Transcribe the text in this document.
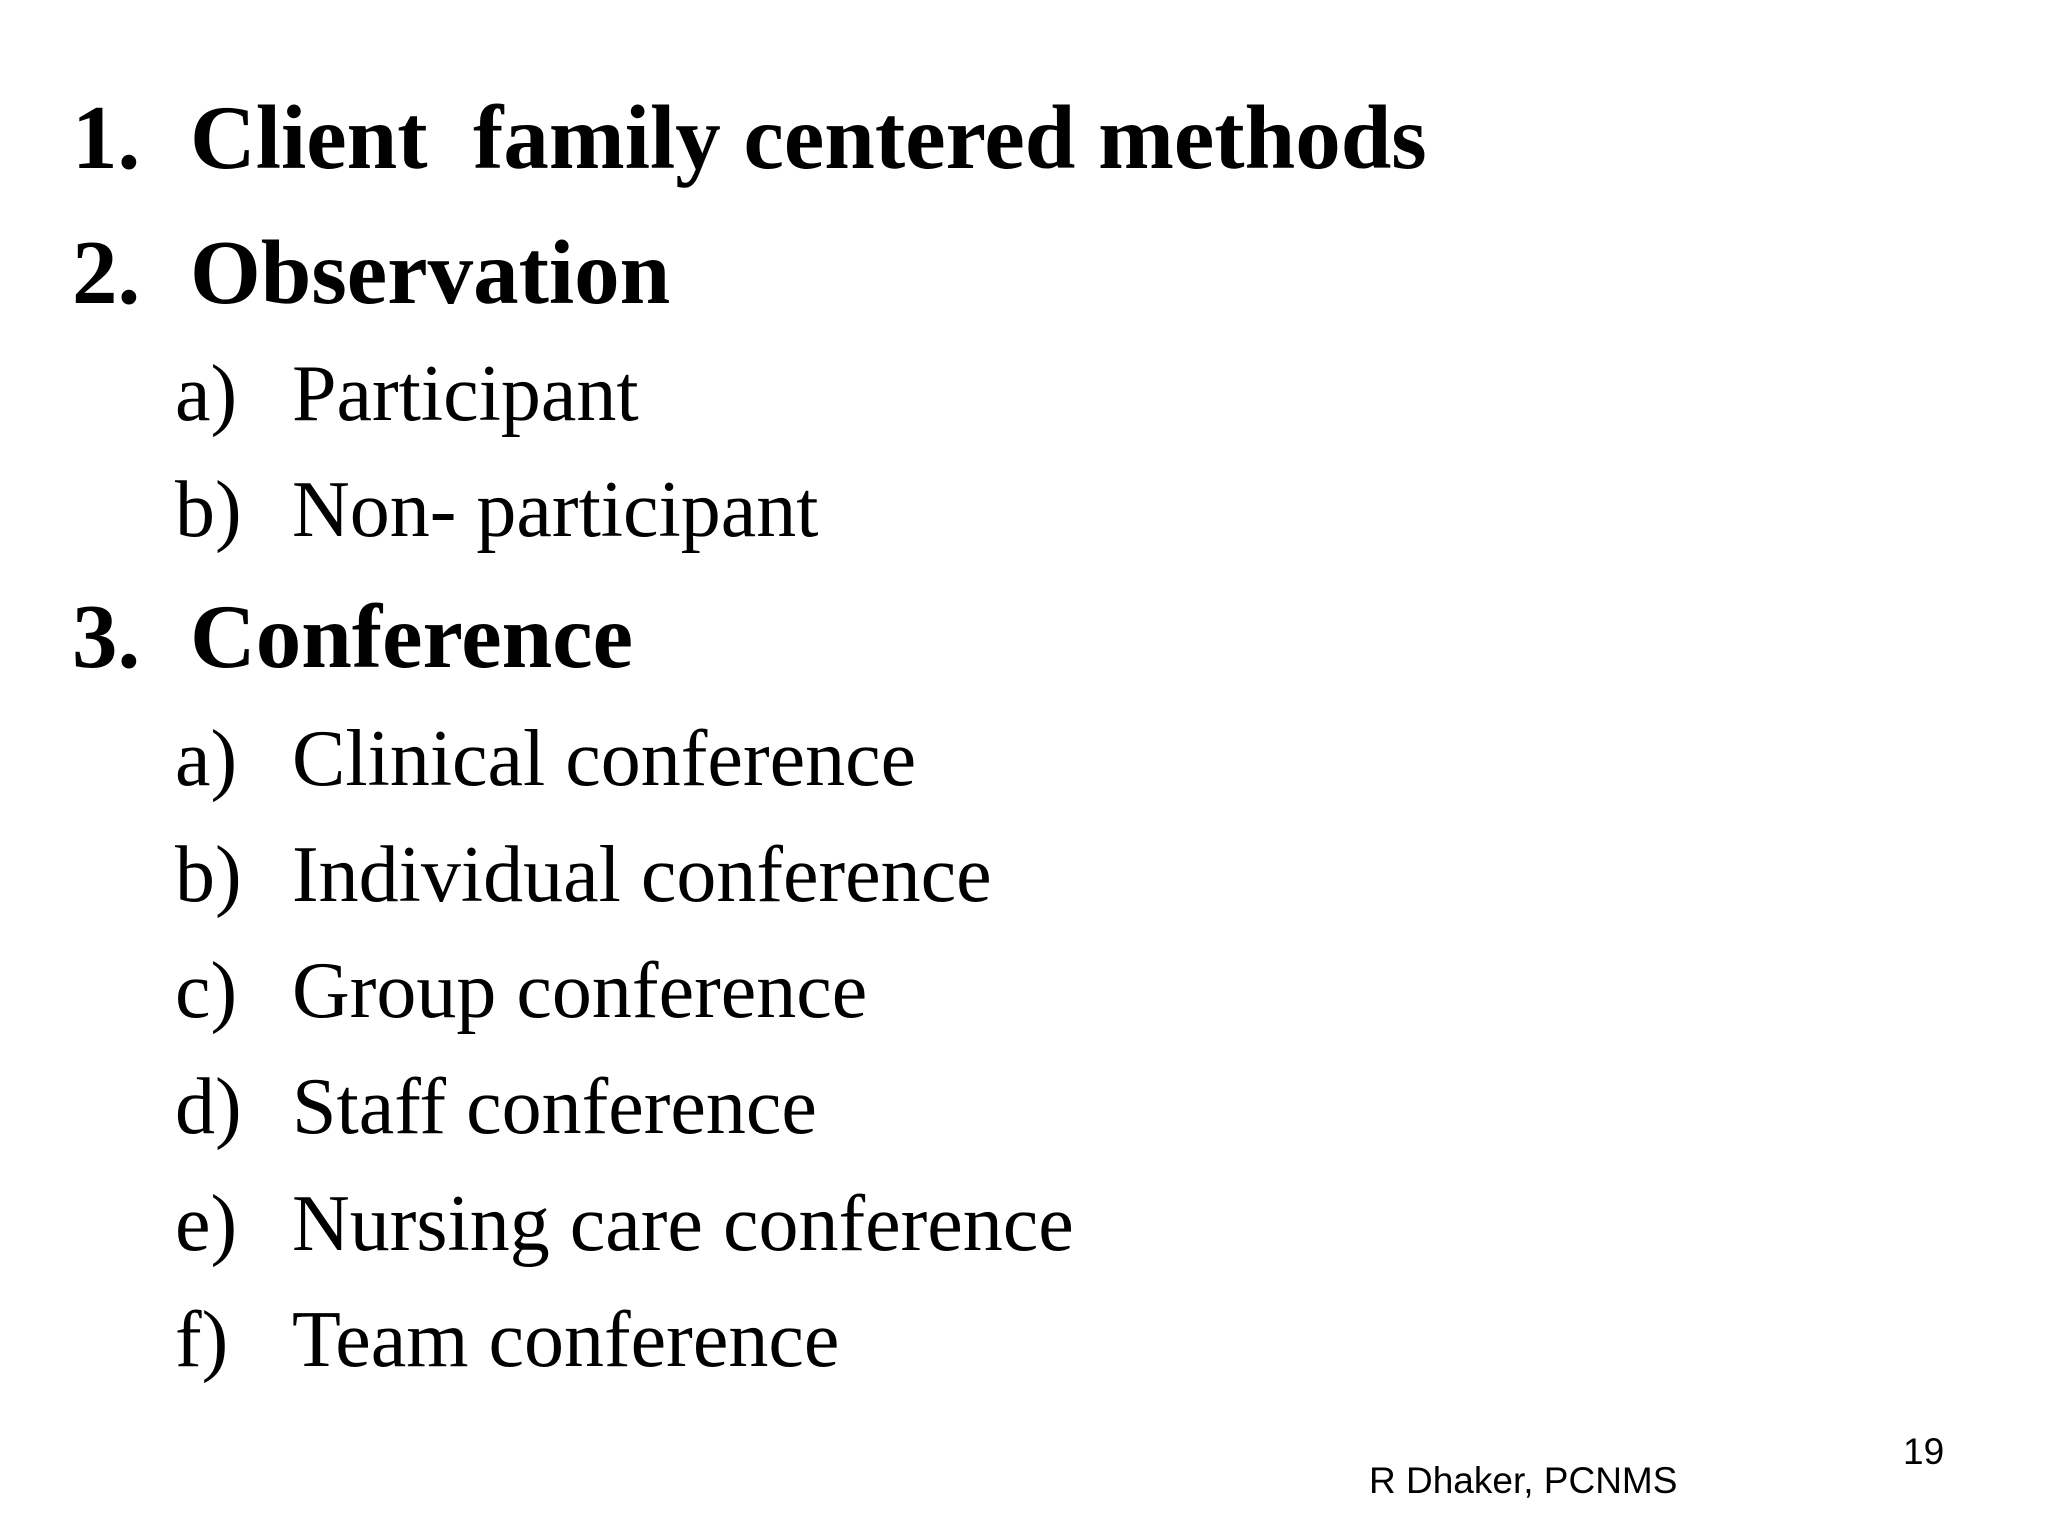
1. Client  family centered methods
2. Observation
a) Participant
b) Non- participant
3. Conference
a) Clinical conference
b) Individual conference
c) Group conference
d) Staff conference
e) Nursing care conference
f) Team conference
R Dhaker, PCNMS
19
